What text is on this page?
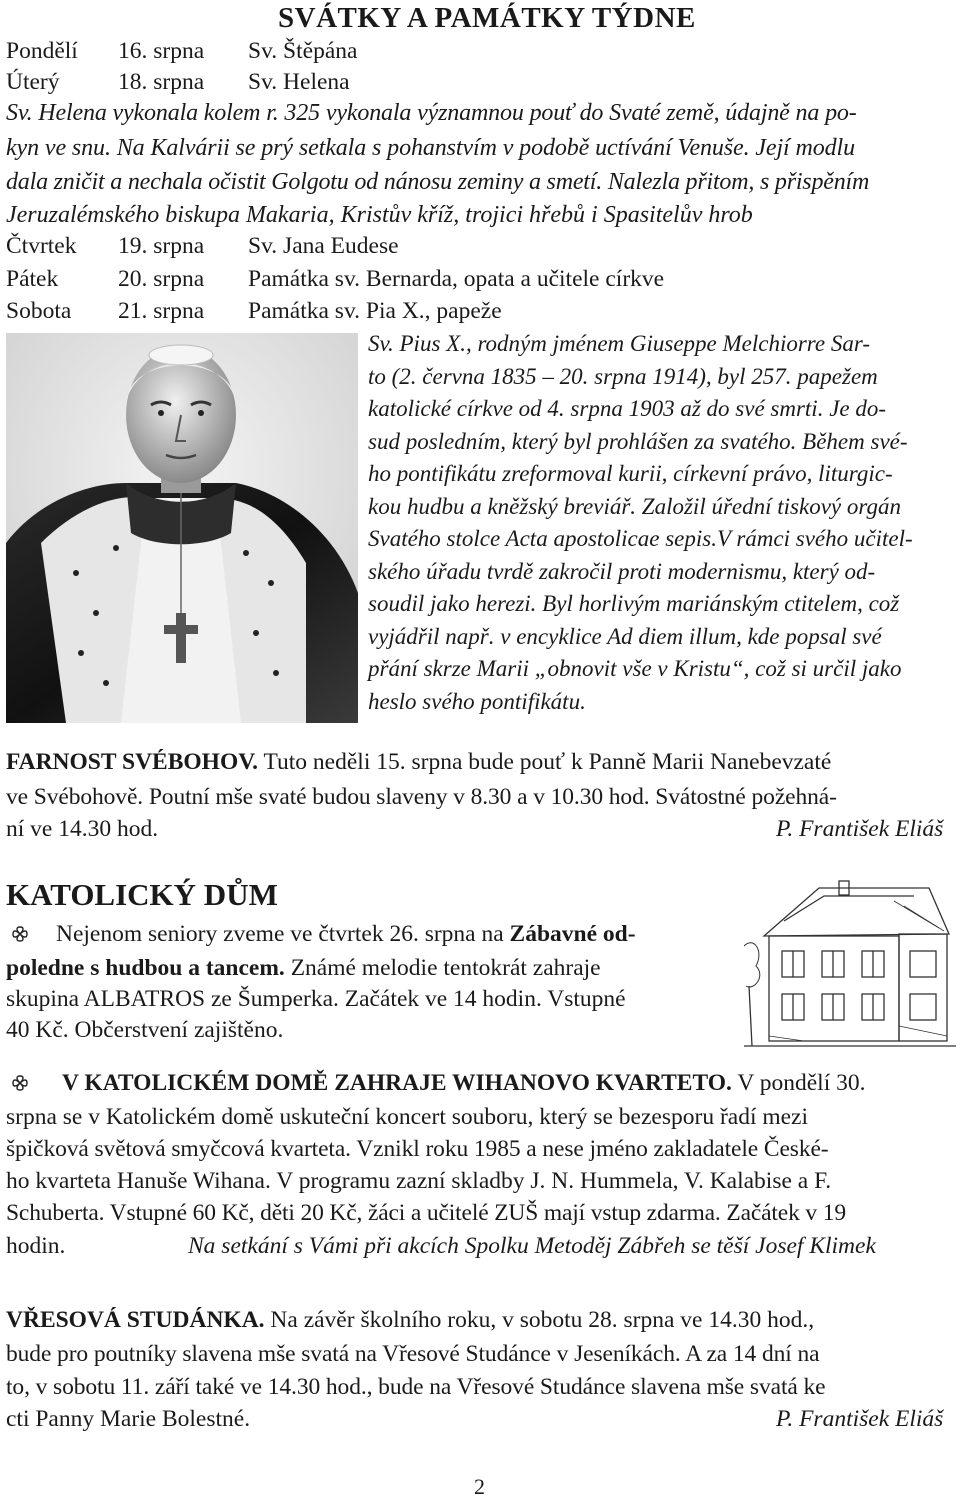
SVÁTKY A PAMÁTKY TÝDNE
Pondělí 16. srpna Sv. Štěpána
Úterý 18. srpna Sv. Helena
Sv. Helena vykonala kolem r. 325 vykonala významnou pouť do Svaté země, údajně na po-
kyn ve snu. Na Kalvárii se prý setkala s pohanstvím v podobě uctívání Venuše. Její modlu
dala zničit a nechala očistit Golgotu od nánosu zeminy a smetí. Nalezla přitom, s přispěním
Jeruzalémského biskupa Makaria, Kristův kříž, trojici hřebů i Spasitelův hrob
Čtvrtek 19. srpna Sv. Jana Eudese
Pátek	20. srpna Památka sv. Bernarda, opata a učitele církve
Sobota 21. srpna Památka sv. Pia X., papeže
Sv. Pius X., rodným jménem Giuseppe Melchiorre Sar-
to (2. června 1835 – 20. srpna 1914), byl 257. papežem
katolické církve od 4. srpna 1903 až do své smrti. Je do-
sud posledním, který byl prohlášen za svatého. Během své-
ho pontifikátu zreformoval kurii, církevní právo, liturgic-
kou hudbu a kněžský breviář. Založil úřední tiskový orgán
Svatého stolce Acta apostolicae sepis.V rámci svého učitel-
ského úřadu tvrdě zakročil proti modernismu, který od-
soudil jako herezi. Byl horlivým mariánským ctitelem, což
vyjádřil např. v encyklice Ad diem illum, kde popsal své
přání skrze Marii „obnovit vše v Kristu“, což si určil jako
heslo svého pontifikátu.
FARNOST SVÉBOHOV. Tuto neděli 15. srpna bude pouť k Panně Marii Nanebevzaté
ve Svébohově. Poutní mše svaté budou slaveny v 8.30 a v 10.30 hod. Svátostné požehná-
ní ve 14.30 hod.	P. František Eliáš
KATOLICKÝ DŮM
Nejenom seniory zveme ve čtvrtek 26. srpna na Zábavné od-
poledne s hudbou a tancem. Známé melodie tentokrát zahraje
skupina ALBATROS ze Šumperka. Začátek ve 14 hodin. Vstupné
40 Kč. Občerstvení zajištěno.
V KATOLICKÉM DOMĚ ZAHRAJE WIHANOVO KVARTETO. V pondělí 30.
srpna se v Katolickém domě uskuteční koncert souboru, který se bezesporu řadí mezi
špičková světová smyčcová kvarteta. Vznikl roku 1985 a nese jméno zakladatele České-
ho kvarteta Hanuše Wihana. V programu zazní skladby J. N. Hummela, V. Kalabise a F.
Schuberta. Vstupné 60 Kč, děti 20 Kč, žáci a učitelé ZUŠ mají vstup zdarma. Začátek v 19
hodin.	Na setkání s Vámi při akcích Spolku Metoděj Zábřeh se těší Josef Klimek
VŘESOVÁ STUDÁNKA. Na závěr školního roku, v sobotu 28. srpna ve 14.30 hod.,
bude pro poutníky slavena mše svatá na Vřesové Studánce v Jeseníkách. A za 14 dní na
to, v sobotu 11. září také ve 14.30 hod., bude na Vřesové Studánce slavena mše svatá ke
cti Panny Marie Bolestné.	P. František Eliáš
2
